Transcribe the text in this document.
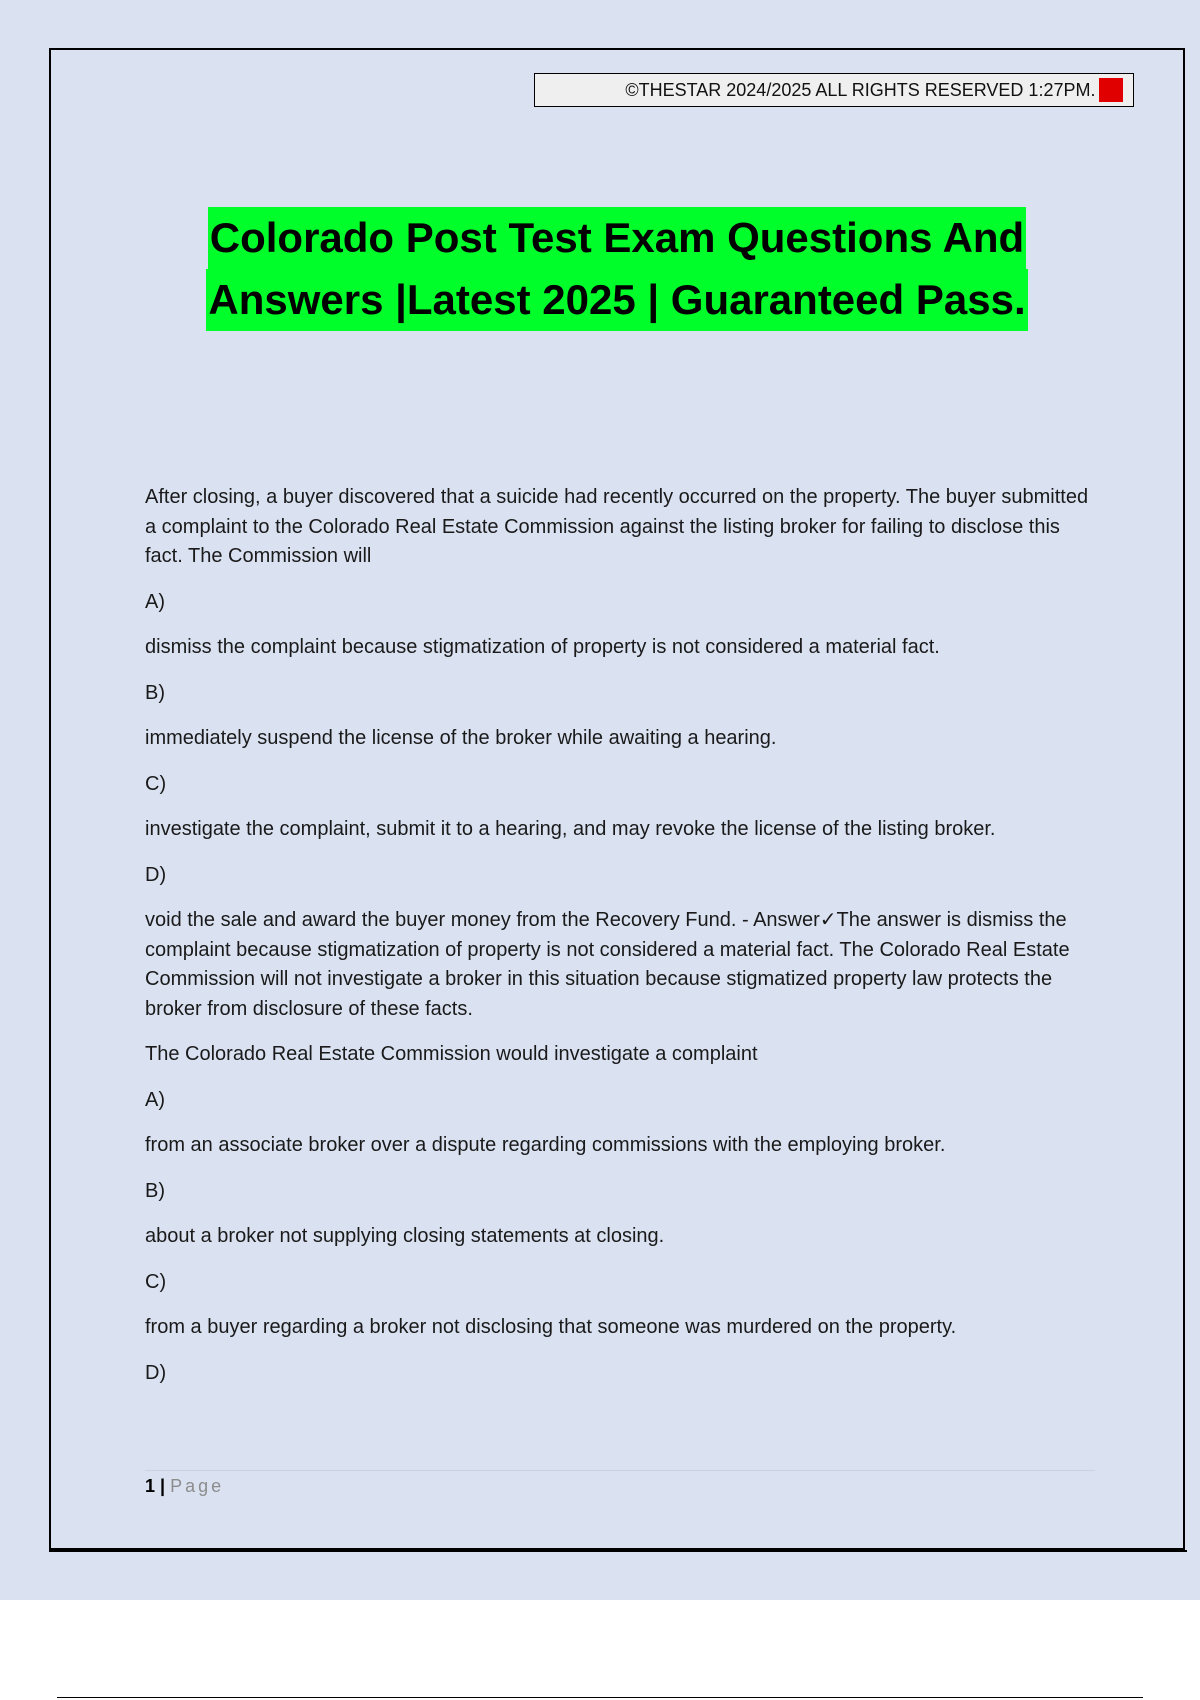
©THESTAR 2024/2025 ALL RIGHTS RESERVED 1:27PM. A+
Colorado Post Test Exam Questions And
Answers |Latest 2025 | Guaranteed Pass.

After closing, a buyer discovered that a suicide had recently occurred on the property. The buyer submitted a complaint to the Colorado Real Estate Commission against the listing broker for failing to disclose this fact. The Commission will

A)

dismiss the complaint because stigmatization of property is not considered a material fact.

B)

immediately suspend the license of the broker while awaiting a hearing.

C)

investigate the complaint, submit it to a hearing, and may revoke the license of the listing broker.

D)

void the sale and award the buyer money from the Recovery Fund. - Answer✓The answer is dismiss the complaint because stigmatization of property is not considered a material fact. The Colorado Real Estate Commission will not investigate a broker in this situation because stigmatized property law protects the broker from disclosure of these facts.

The Colorado Real Estate Commission would investigate a complaint

A)

from an associate broker over a dispute regarding commissions with the employing broker.

B)

about a broker not supplying closing statements at closing.

C)

from a buyer regarding a broker not disclosing that someone was murdered on the property.

D)

1 | Page
